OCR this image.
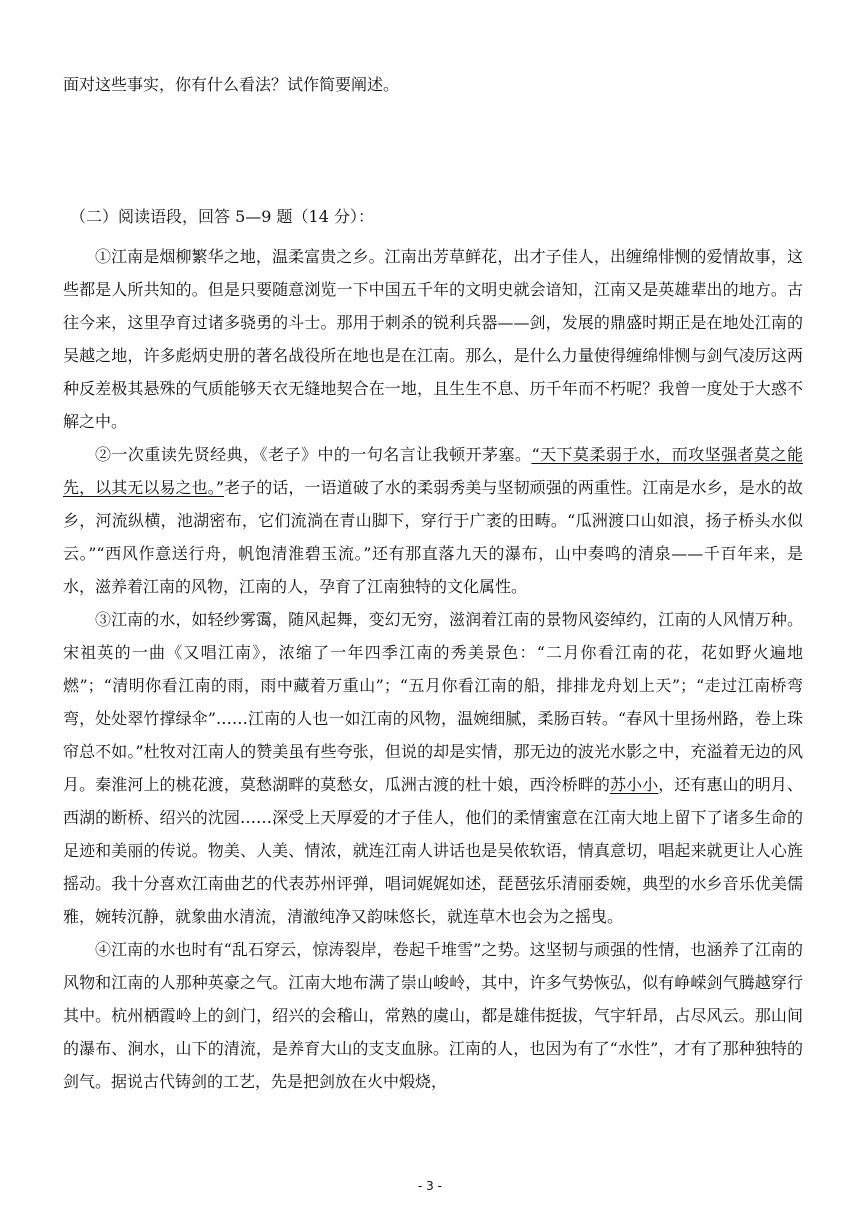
面对这些事实，你有什么看法？试作简要阐述。
（二）阅读语段，回答 5—9 题（14 分）：

①江南是烟柳繁华之地，温柔富贵之乡。江南出芳草鲜花，出才子佳人，出缠绵悱恻的爱情故事，这些都是人所共知的。但是只要随意浏览一下中国五千年的文明史就会谙知，江南又是英雄辈出的地方。古往今来，这里孕育过诸多骁勇的斗士。那用于刺杀的锐利兵器——剑，发展的鼎盛时期正是在地处江南的吴越之地，许多彪炳史册的著名战役所在地也是在江南。那么，是什么力量使得缠绵悱恻与剑气凌厉这两种反差极其悬殊的气质能够天衣无缝地契合在一地，且生生不息、历千年而不朽呢？我曾一度处于大惑不解之中。

②一次重读先贤经典，《老子》中的一句名言让我顿开茅塞。“天下莫柔弱于水，而攻坚强者莫之能先，以其无以易之也。”老子的话，一语道破了水的柔弱秀美与坚韧顽强的两重性。江南是水乡，是水的故乡，河流纵横，池湖密布，它们流淌在青山脚下，穿行于广袤的田畴。“瓜洲渡口山如浪，扬子桥头水似云。”“西风作意送行舟，帆饱清淮碧玉流。”还有那直落九天的瀑布，山中奏鸣的清泉——千百年来，是水，滋养着江南的风物，江南的人，孕育了江南独特的文化属性。

③江南的水，如轻纱雾霭，随风起舞，变幻无穷，滋润着江南的景物风姿绰约，江南的人风情万种。宋祖英的一曲《又唱江南》，浓缩了一年四季江南的秀美景色：“二月你看江南的花，花如野火遍地燃”；“清明你看江南的雨，雨中藏着万重山”；“五月你看江南的船，排排龙舟划上天”；“走过江南桥弯弯，处处翠竹撑绿伞”……江南的人也一如江南的风物，温婉细腻，柔肠百转。“春风十里扬州路，卷上珠帘总不如。”杜牧对江南人的赞美虽有些夸张，但说的却是实情，那无边的波光水影之中，充溢着无边的风月。秦淮河上的桃花渡，莫愁湖畔的莫愁女，瓜洲古渡的杜十娘，西泠桥畔的苏小小，还有惠山的明月、西湖的断桥、绍兴的沈园……深受上天厚爱的才子佳人，他们的柔情蜜意在江南大地上留下了诸多生命的足迹和美丽的传说。物美、人美、情浓，就连江南人讲话也是吴侬软语，情真意切，唱起来就更让人心旌摇动。我十分喜欢江南曲艺的代表苏州评弹，唱词娓娓如述，琵琶弦乐清丽委婉，典型的水乡音乐优美儒雅，婉转沉静，就象曲水清流，清澈纯净又韵味悠长，就连草木也会为之摇曳。

④江南的水也时有“乱石穿云，惊涛裂岸，卷起千堆雪”之势。这坚韧与顽强的性情，也涵养了江南的风物和江南的人那种英豪之气。江南大地布满了崇山峻岭，其中，许多气势恢弘，似有峥嵘剑气腾越穿行其中。杭州栖霞岭上的剑门，绍兴的会稽山，常熟的虞山，都是雄伟挺拔，气宇轩昂，占尽风云。那山间的瀑布、涧水，山下的清流，是养育大山的支支血脉。江南的人，也因为有了“水性”，才有了那种独特的剑气。据说古代铸剑的工艺，先是把剑放在火中煅烧，

- 3 -
